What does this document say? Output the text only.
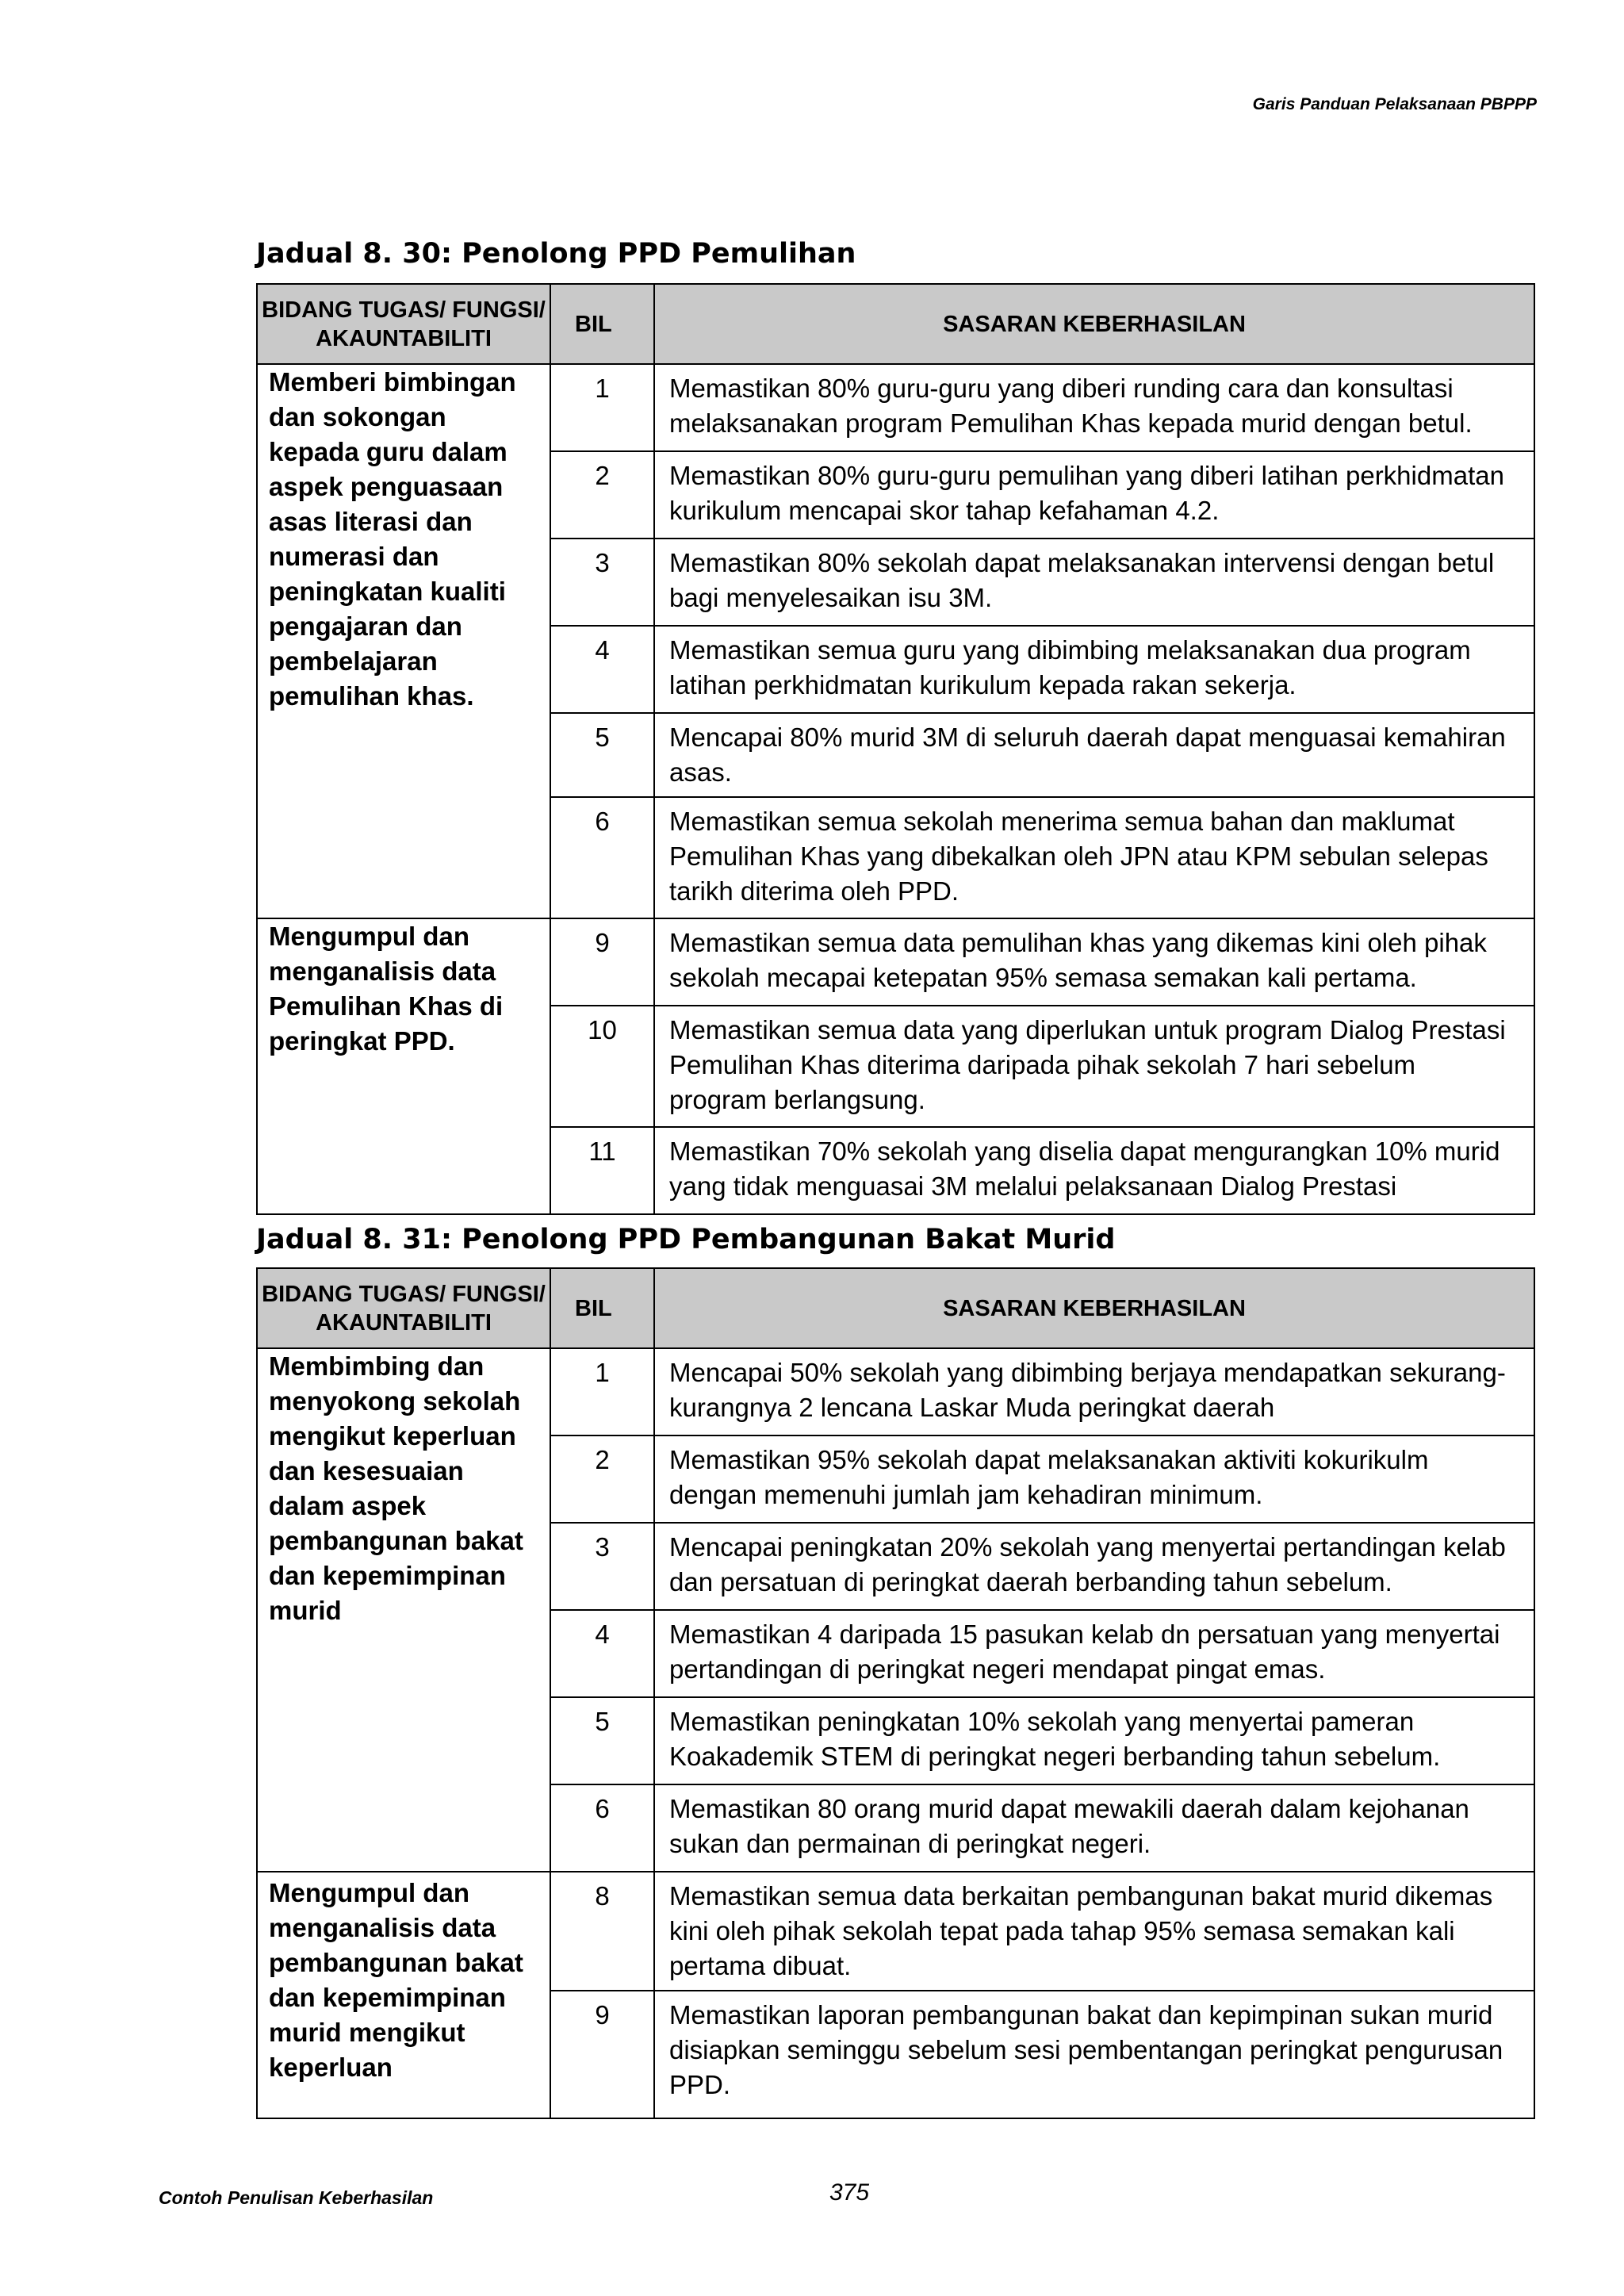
Garis Panduan Pelaksanaan PBPPP
Jadual 8. 30: Penolong PPD Pemulihan
BIDANG TUGAS/ FUNGSI/ AKAUNTABILITI	BIL	SASARAN KEBERHASILAN
Memberi bimbingan dan sokongan kepada guru dalam aspek penguasaan asas literasi dan numerasi dan peningkatan kualiti pengajaran dan pembelajaran pemulihan khas.	1	Memastikan 80% guru-guru yang diberi runding cara dan konsultasi melaksanakan program Pemulihan Khas kepada murid dengan betul.
	2	Memastikan 80% guru-guru pemulihan yang diberi latihan perkhidmatan kurikulum mencapai skor tahap kefahaman 4.2.
	3	Memastikan 80% sekolah dapat melaksanakan intervensi dengan betul bagi menyelesaikan isu 3M.
	4	Memastikan semua guru yang dibimbing melaksanakan dua program latihan perkhidmatan kurikulum kepada rakan sekerja.
	5	Mencapai 80% murid 3M di seluruh daerah dapat menguasai kemahiran asas.
	6	Memastikan semua sekolah menerima semua bahan dan maklumat Pemulihan Khas yang dibekalkan oleh JPN atau KPM sebulan selepas tarikh diterima oleh PPD.
Mengumpul dan menganalisis data Pemulihan Khas di peringkat PPD.	9	Memastikan semua data pemulihan khas yang dikemas kini oleh pihak sekolah mecapai ketepatan 95% semasa semakan kali pertama.
	10	Memastikan semua data yang diperlukan untuk program Dialog Prestasi Pemulihan Khas diterima daripada pihak sekolah 7 hari sebelum program berlangsung.
	11	Memastikan 70% sekolah yang diselia dapat mengurangkan 10% murid yang tidak menguasai 3M melalui pelaksanaan Dialog Prestasi
Jadual 8. 31: Penolong PPD Pembangunan Bakat Murid
BIDANG TUGAS/ FUNGSI/ AKAUNTABILITI	BIL	SASARAN KEBERHASILAN
Membimbing dan menyokong sekolah mengikut keperluan dan kesesuaian dalam aspek pembangunan bakat dan kepemimpinan murid	1	Mencapai 50% sekolah yang dibimbing berjaya mendapatkan sekurang-kurangnya 2 lencana Laskar Muda peringkat daerah
	2	Memastikan 95% sekolah dapat melaksanakan aktiviti kokurikulm dengan memenuhi jumlah jam kehadiran minimum.
	3	Mencapai peningkatan 20% sekolah yang menyertai pertandingan kelab dan persatuan di peringkat daerah berbanding tahun sebelum.
	4	Memastikan 4 daripada 15 pasukan kelab dn persatuan yang menyertai pertandingan di peringkat negeri mendapat pingat emas.
	5	Memastikan peningkatan 10% sekolah yang menyertai pameran Koakademik STEM di peringkat negeri berbanding tahun sebelum.
	6	Memastikan 80 orang murid dapat mewakili daerah dalam kejohanan sukan dan permainan di peringkat negeri.
Mengumpul dan menganalisis data pembangunan bakat dan kepemimpinan murid mengikut keperluan	8	Memastikan semua data berkaitan pembangunan bakat murid dikemas kini oleh pihak sekolah tepat pada tahap 95% semasa semakan kali pertama dibuat.
	9	Memastikan laporan pembangunan bakat dan kepimpinan sukan murid disiapkan seminggu sebelum sesi pembentangan peringkat pengurusan PPD.
Contoh Penulisan Keberhasilan	375
